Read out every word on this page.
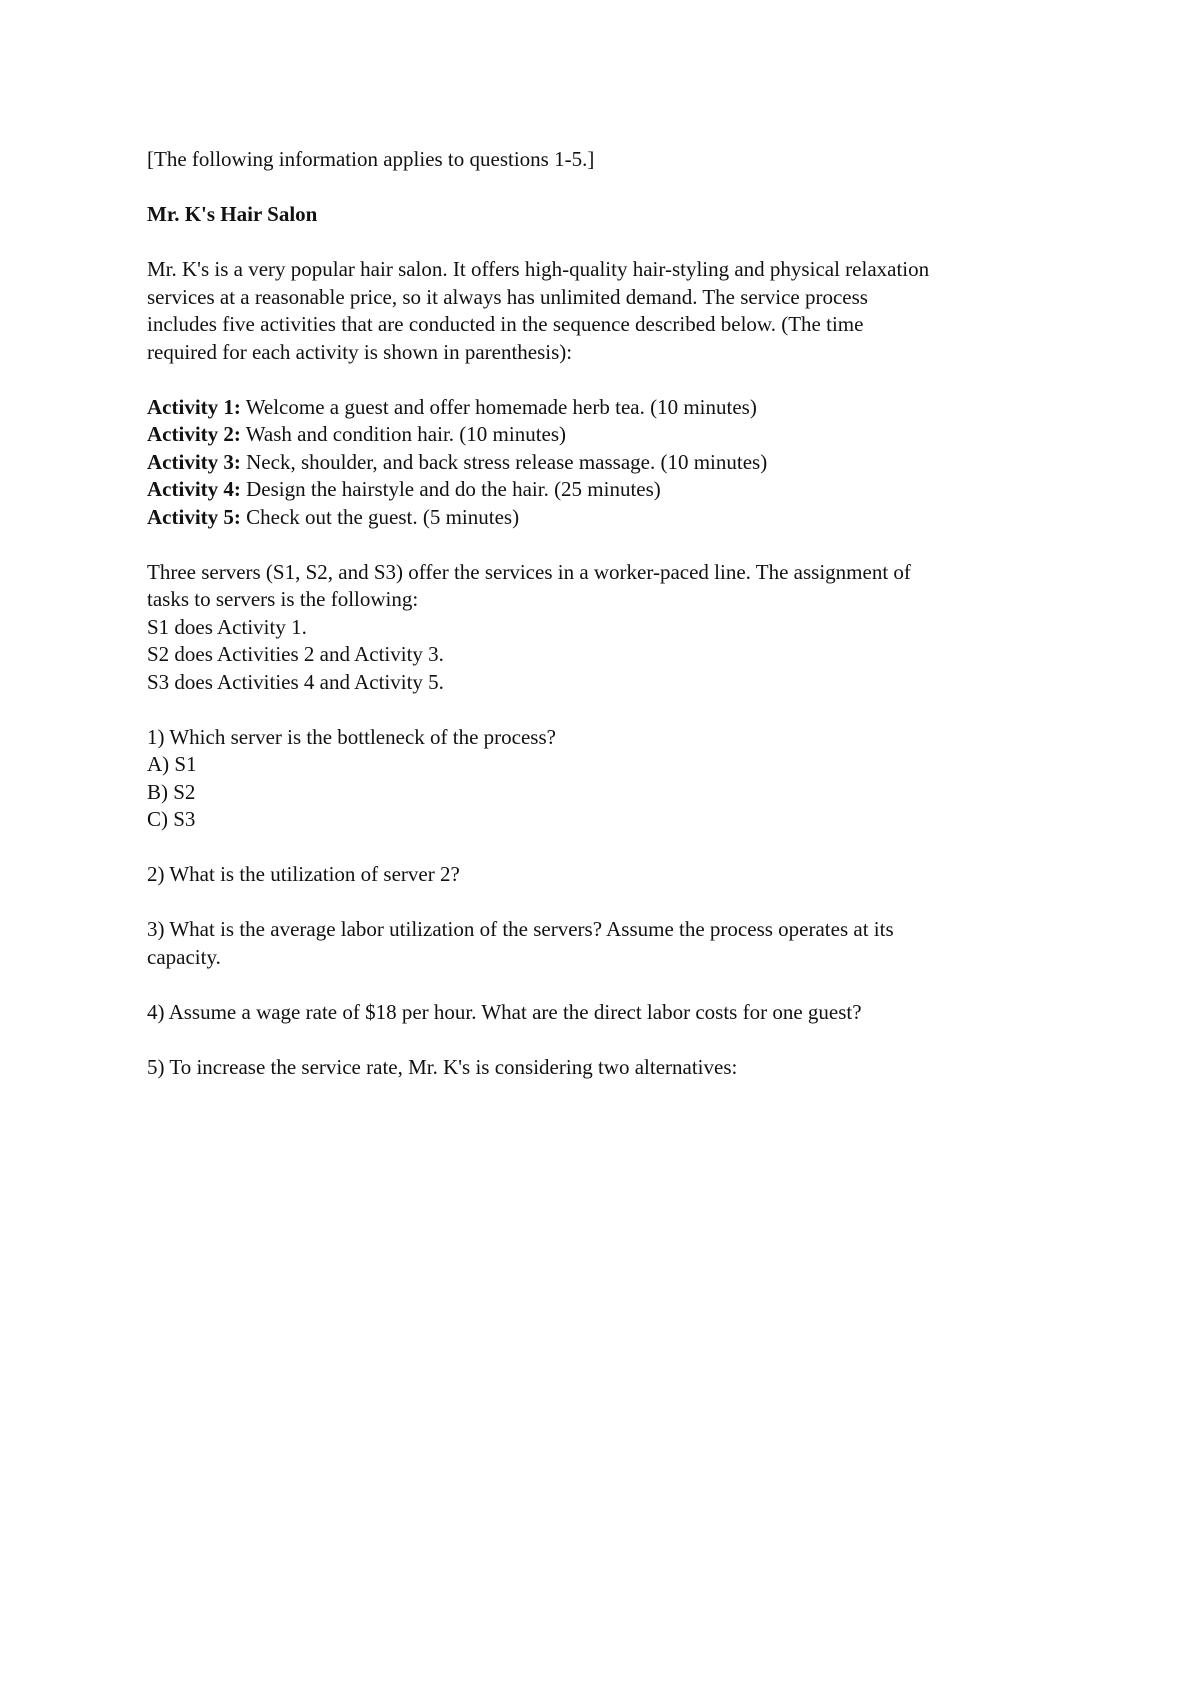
[The following information applies to questions 1-5.]

Mr. K's Hair Salon

Mr. K's is a very popular hair salon. It offers high-quality hair-styling and physical relaxation
services at a reasonable price, so it always has unlimited demand. The service process
includes five activities that are conducted in the sequence described below. (The time
required for each activity is shown in parenthesis):
Activity 1: Welcome a guest and offer homemade herb tea. (10 minutes)
Activity 2: Wash and condition hair. (10 minutes)
Activity 3: Neck, shoulder, and back stress release massage. (10 minutes)
Activity 4: Design the hairstyle and do the hair. (25 minutes)
Activity 5: Check out the guest. (5 minutes)
Three servers (S1, S2, and S3) offer the services in a worker-paced line. The assignment of
tasks to servers is the following:
S1 does Activity 1.
S2 does Activities 2 and Activity 3.
S3 does Activities 4 and Activity 5.
1) Which server is the bottleneck of the process?
A) S1
B) S2
C) S3
2) What is the utilization of server 2?
3) What is the average labor utilization of the servers? Assume the process operates at its
capacity.
4) Assume a wage rate of $18 per hour. What are the direct labor costs for one guest?
5) To increase the service rate, Mr. K's is considering two alternatives:
